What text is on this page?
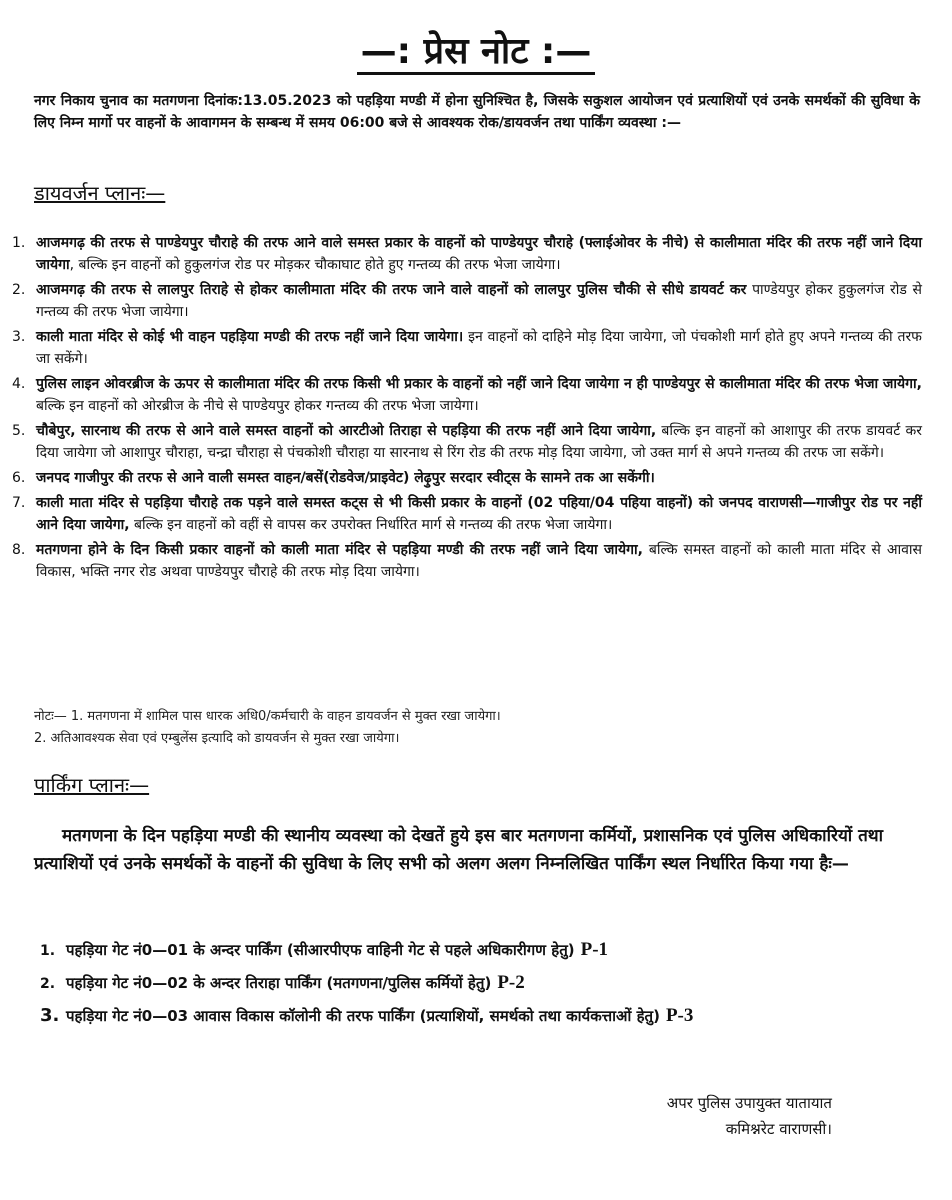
—: प्रेस नोट :—
नगर निकाय चुनाव का मतगणना दिनांक:13.05.2023 को पहड़िया मण्डी में होना सुनिश्चित है, जिसके सकुशल आयोजन एवं प्रत्याशियों एवं उनके समर्थकों की सुविधा के लिए निम्न मार्गो पर वाहनों के आवागमन के सम्बन्ध में समय 06:00 बजे से आवश्यक रोक/डायवर्जन तथा पार्किंग व्यवस्था :—
डायवर्जन प्लानः—
1. आजमगढ़ की तरफ से पाण्डेयपुर चौराहे की तरफ आने वाले समस्त प्रकार के वाहनों को पाण्डेयपुर चौराहे (फ्लाईओवर के नीचे) से कालीमाता मंदिर की तरफ नहीं जाने दिया जायेगा, बल्कि इन वाहनों को हुकुलगंज रोड पर मोड़कर चौकाघाट होते हुए गन्तव्य की तरफ भेजा जायेगा।
2. आजमगढ़ की तरफ से लालपुर तिराहे से होकर कालीमाता मंदिर की तरफ जाने वाले वाहनों को लालपुर पुलिस चौकी से सीधे डायवर्ट कर पाण्डेयपुर होकर हुकुलगंज रोड से गन्तव्य की तरफ भेजा जायेगा।
3. काली माता मंदिर से कोई भी वाहन पहड़िया मण्डी की तरफ नहीं जाने दिया जायेगा। इन वाहनों को दाहिने मोड़ दिया जायेगा, जो पंचकोशी मार्ग होते हुए अपने गन्तव्य की तरफ जा सकेंगे।
4. पुलिस लाइन ओवरब्रीज के ऊपर से कालीमाता मंदिर की तरफ किसी भी प्रकार के वाहनों को नहीं जाने दिया जायेगा न ही पाण्डेयपुर से कालीमाता मंदिर की तरफ भेजा जायेगा, बल्कि इन वाहनों को ओरब्रीज के नीचे से पाण्डेयपुर होकर गन्तव्य की तरफ भेजा जायेगा।
5. चौबेपुर, सारनाथ की तरफ से आने वाले समस्त वाहनों को आरटीओ तिराहा से पहड़िया की तरफ नहीं आने दिया जायेगा, बल्कि इन वाहनों को आशापुर की तरफ डायवर्ट कर दिया जायेगा जो आशापुर चौराहा, चन्द्रा चौराहा से पंचकोशी चौराहा या सारनाथ से रिंग रोड की तरफ मोड़ दिया जायेगा, जो उक्त मार्ग से अपने गन्तव्य की तरफ जा सकेंगे।
6. जनपद गाजीपुर की तरफ से आने वाली समस्त वाहन/बसें(रोडवेज/प्राइवेट) लेढ़ुपुर सरदार स्वीट्स के सामने तक आ सकेंगी।
7. काली माता मंदिर से पहड़िया चौराहे तक पड़ने वाले समस्त कट्स से भी किसी प्रकार के वाहनों (02 पहिया/04 पहिया वाहनों) को जनपद वाराणसी—गाजीपुर रोड पर नहीं आने दिया जायेगा, बल्कि इन वाहनों को वहीं से वापस कर उपरोक्त निर्धारित मार्ग से गन्तव्य की तरफ भेजा जायेगा।
8. मतगणना होने के दिन किसी प्रकार वाहनों को काली माता मंदिर से पहड़िया मण्डी की तरफ नहीं जाने दिया जायेगा, बल्कि समस्त वाहनों को काली माता मंदिर से आवास विकास, भक्ति नगर रोड अथवा पाण्डेयपुर चौराहे की तरफ मोड़ दिया जायेगा।
नोटः— 1. मतगणना में शामिल पास धारक अधि0/कर्मचारी के वाहन डायवर्जन से मुक्त रखा जायेगा।
2. अतिआवश्यक सेवा एवं एम्बुलेंस इत्यादि को डायवर्जन से मुक्त रखा जायेगा।
पार्किंग प्लानः—
मतगणना के दिन पहड़िया मण्डी की स्थानीय व्यवस्था को देखतें हुये इस बार मतगणना कर्मियों, प्रशासनिक एवं पुलिस अधिकारियों तथा प्रत्याशियों एवं उनके समर्थकों के वाहनों की सुविधा के लिए सभी को अलग अलग निम्नलिखित पार्किंग स्थल निर्धारित किया गया हैः—
1. पहड़िया गेट नं0—01 के अन्दर पार्किंग (सीआरपीएफ वाहिनी गेट से पहले अधिकारीगण हेतु) P-1
2. पहड़िया गेट नं0—02 के अन्दर तिराहा पार्किंग (मतगणना/पुलिस कर्मियों हेतु) P-2
3. पहड़िया गेट नं0—03 आवास विकास कॉलोनी की तरफ पार्किंग (प्रत्याशियों, समर्थको तथा कार्यकत्ताओं हेतु) P-3
अपर पुलिस उपायुक्त यातायात
कमिश्नरेट वाराणसी।
